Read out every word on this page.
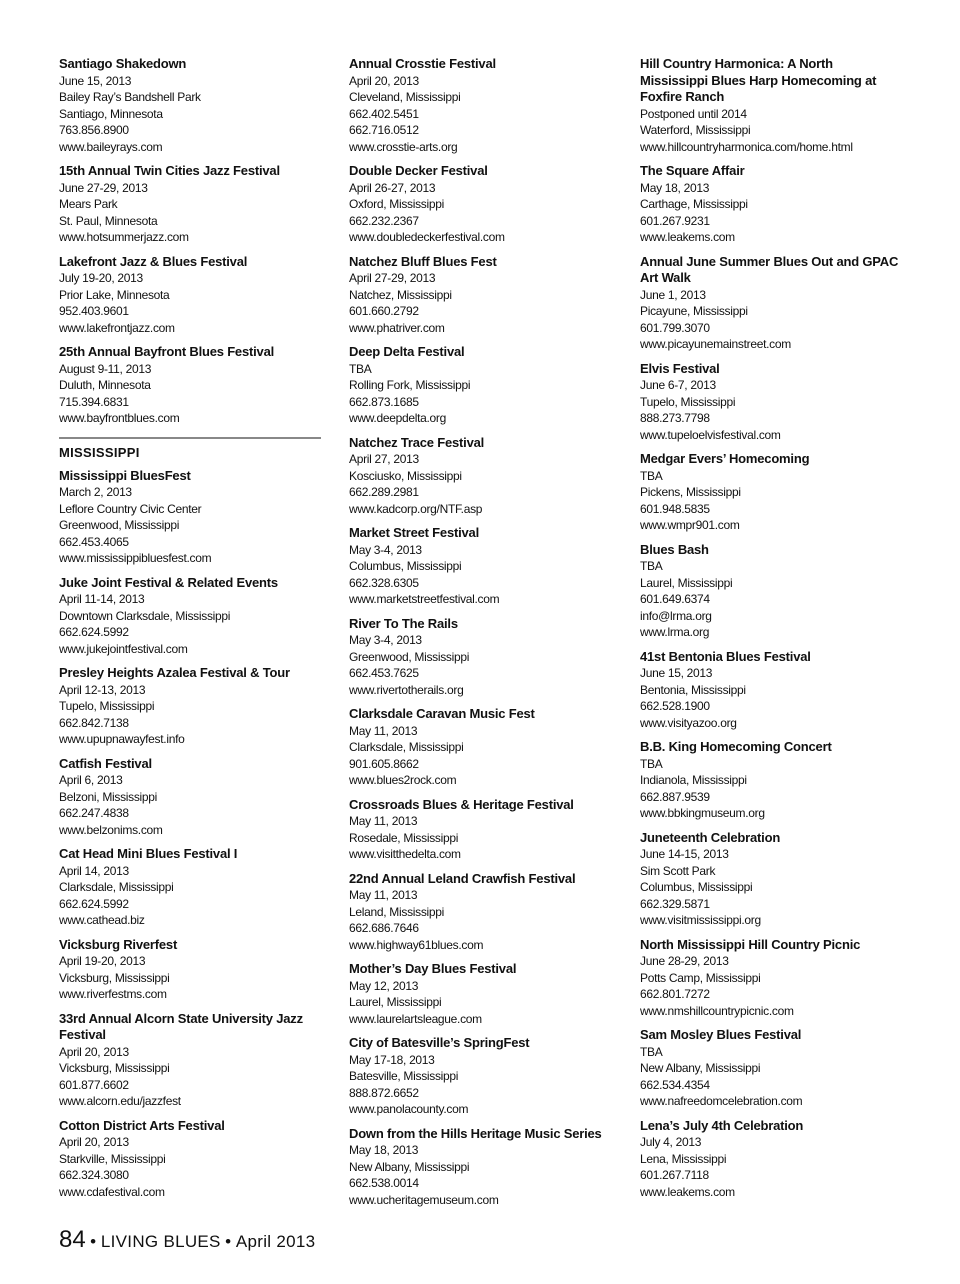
Santiago Shakedown
June 15, 2013
Bailey Ray’s Bandshell Park
Santiago, Minnesota
763.856.8900
www.baileyrays.com
15th Annual Twin Cities Jazz Festival
June 27-29, 2013
Mears Park
St. Paul, Minnesota
www.hotsummerjazz.com
Lakefront Jazz & Blues Festival
July 19-20, 2013
Prior Lake, Minnesota
952.403.9601
www.lakefrontjazz.com
25th Annual Bayfront Blues Festival
August 9-11, 2013
Duluth, Minnesota
715.394.6831
www.bayfrontblues.com
MISSISSIPPI
Mississippi BluesFest
March 2, 2013
Leflore Country Civic Center
Greenwood, Mississippi
662.453.4065
www.mississippibluesfest.com
Juke Joint Festival & Related Events
April 11-14, 2013
Downtown Clarksdale, Mississippi
662.624.5992
www.jukejointfestival.com
Presley Heights Azalea Festival & Tour
April 12-13, 2013
Tupelo, Mississippi
662.842.7138
www.upupnawayfest.info
Catfish Festival
April 6, 2013
Belzoni, Mississippi
662.247.4838
www.belzonims.com
Cat Head Mini Blues Festival I
April 14, 2013
Clarksdale, Mississippi
662.624.5992
www.cathead.biz
Vicksburg Riverfest
April 19-20, 2013
Vicksburg, Mississippi
www.riverfestms.com
33rd Annual Alcorn State University Jazz Festival
April 20, 2013
Vicksburg, Mississippi
601.877.6602
www.alcorn.edu/jazzfest
Cotton District Arts Festival
April 20, 2013
Starkville, Mississippi
662.324.3080
www.cdafestival.com
Annual Crosstie Festival
April 20, 2013
Cleveland, Mississippi
662.402.5451
662.716.0512
www.crosstie-arts.org
Double Decker Festival
April 26-27, 2013
Oxford, Mississippi
662.232.2367
www.doubledeckerfestival.com
Natchez Bluff Blues Fest
April 27-29, 2013
Natchez, Mississippi
601.660.2792
www.phatriver.com
Deep Delta Festival
TBA
Rolling Fork, Mississippi
662.873.1685
www.deepdelta.org
Natchez Trace Festival
April 27, 2013
Kosciusko, Mississippi
662.289.2981
www.kadcorp.org/NTF.asp
Market Street Festival
May 3-4, 2013
Columbus, Mississippi
662.328.6305
www.marketstreetfestival.com
River To The Rails
May 3-4, 2013
Greenwood, Mississippi
662.453.7625
www.rivertotherails.org
Clarksdale Caravan Music Fest
May 11, 2013
Clarksdale, Mississippi
901.605.8662
www.blues2rock.com
Crossroads Blues & Heritage Festival
May 11, 2013
Rosedale, Mississippi
www.visitthedelta.com
22nd Annual Leland Crawfish Festival
May 11, 2013
Leland, Mississippi
662.686.7646
www.highway61blues.com
Mother’s Day Blues Festival
May 12, 2013
Laurel, Mississippi
www.laurelartsleague.com
City of Batesville’s SpringFest
May 17-18, 2013
Batesville, Mississippi
888.872.6652
www.panolacounty.com
Down from the Hills Heritage Music Series
May 18, 2013
New Albany, Mississippi
662.538.0014
www.ucheritagemuseum.com
Hill Country Harmonica: A North Mississippi Blues Harp Homecoming at Foxfire Ranch
Postponed until 2014
Waterford, Mississippi
www.hillcountryharmonica.com/home.html
The Square Affair
May 18, 2013
Carthage, Mississippi
601.267.9231
www.leakems.com
Annual June Summer Blues Out and GPAC Art Walk
June 1, 2013
Picayune, Mississippi
601.799.3070
www.picayunemainstreet.com
Elvis Festival
June 6-7, 2013
Tupelo, Mississippi
888.273.7798
www.tupeloelvisfestival.com
Medgar Evers’ Homecoming
TBA
Pickens, Mississippi
601.948.5835
www.wmpr901.com
Blues Bash
TBA
Laurel, Mississippi
601.649.6374
info@lrma.org
www.lrma.org
41st Bentonia Blues Festival
June 15, 2013
Bentonia, Mississippi
662.528.1900
www.visityazoo.org
B.B. King Homecoming Concert
TBA
Indianola, Mississippi
662.887.9539
www.bbkingmuseum.org
Juneteenth Celebration
June 14-15, 2013
Sim Scott Park
Columbus, Mississippi
662.329.5871
www.visitmississippi.org
North Mississippi Hill Country Picnic
June 28-29, 2013
Potts Camp, Mississippi
662.801.7272
www.nmshillcountrypicnic.com
Sam Mosley Blues Festival
TBA
New Albany, Mississippi
662.534.4354
www.nafreedomcelebration.com
Lena’s July 4th Celebration
July 4, 2013
Lena, Mississippi
601.267.7118
www.leakems.com
84 • LIVING BLUES • April 2013
